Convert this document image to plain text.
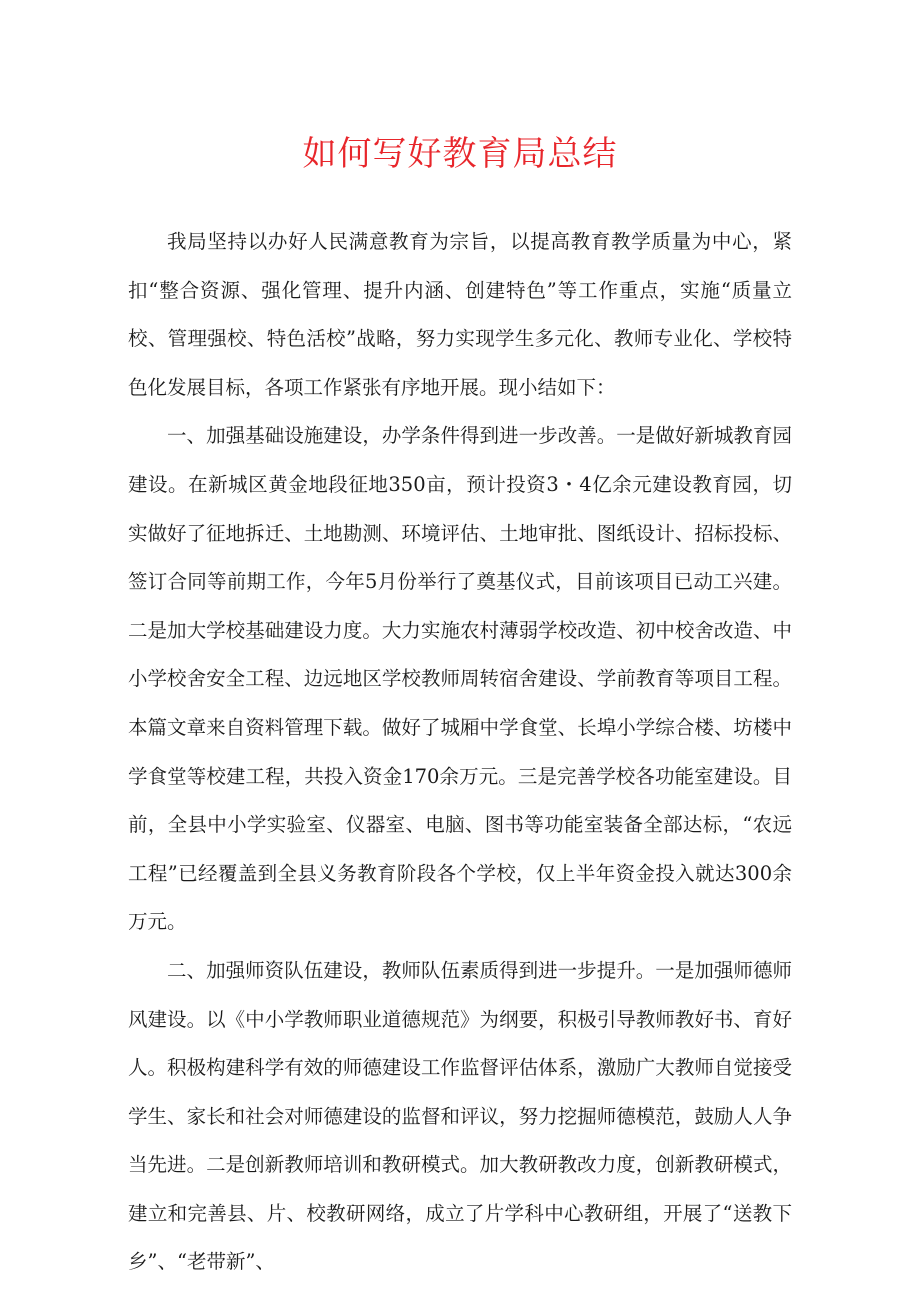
如何写好教育局总结

我局坚持以办好人民满意教育为宗旨，以提高教育教学质量为中心，紧扣“整合资源、强化管理、提升内涵、创建特色”等工作重点，实施“质量立校、管理强校、特色活校”战略，努力实现学生多元化、教师专业化、学校特色化发展目标，各项工作紧张有序地开展。现小结如下：

一、加强基础设施建设，办学条件得到进一步改善。一是做好新城教育园建设。在新城区黄金地段征地350亩，预计投资3・4亿余元建设教育园，切实做好了征地拆迁、土地勘测、环境评估、土地审批、图纸设计、招标投标、签订合同等前期工作，今年5月份举行了奠基仪式，目前该项目已动工兴建。二是加大学校基础建设力度。大力实施农村薄弱学校改造、初中校舍改造、中小学校舍安全工程、边远地区学校教师周转宿舍建设、学前教育等项目工程。本篇文章来自资料管理下载。做好了城厢中学食堂、长埠小学综合楼、坊楼中学食堂等校建工程，共投入资金170余万元。三是完善学校各功能室建设。目前，全县中小学实验室、仪器室、电脑、图书等功能室装备全部达标，“农远工程”已经覆盖到全县义务教育阶段各个学校，仅上半年资金投入就达300余万元。

二、加强师资队伍建设，教师队伍素质得到进一步提升。一是加强师德师风建设。以《中小学教师职业道德规范》为纲要，积极引导教师教好书、育好人。积极构建科学有效的师德建设工作监督评估体系，激励广大教师自觉接受学生、家长和社会对师德建设的监督和评议，努力挖掘师德模范，鼓励人人争当先进。二是创新教师培训和教研模式。加大教研教改力度，创新教研模式，建立和完善县、片、校教研网络，成立了片学科中心教研组，开展了“送教下乡”、“老带新”、
